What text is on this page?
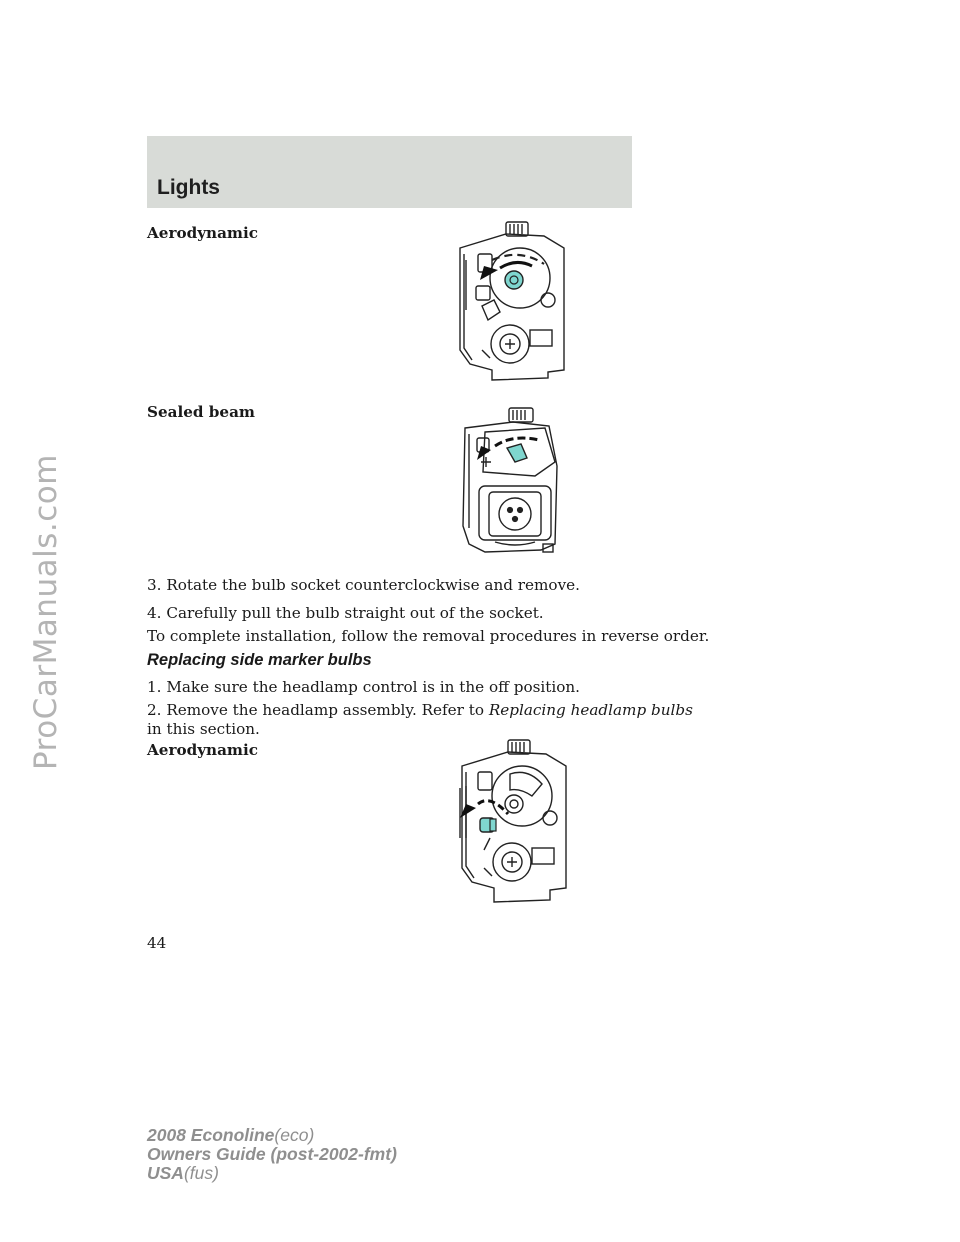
ProCarManuals.com
Lights
Aerodynamic
Sealed beam
3. Rotate the bulb socket counterclockwise and remove.
4. Carefully pull the bulb straight out of the socket.
To complete installation, follow the removal procedures in reverse order.
Replacing side marker bulbs
1. Make sure the headlamp control is in the off position.
2. Remove the headlamp assembly. Refer to Replacing headlamp bulbs
in this section.
Aerodynamic
44
2008 Econoline(eco)
Owners Guide (post-2002-fmt)
USA(fus)
